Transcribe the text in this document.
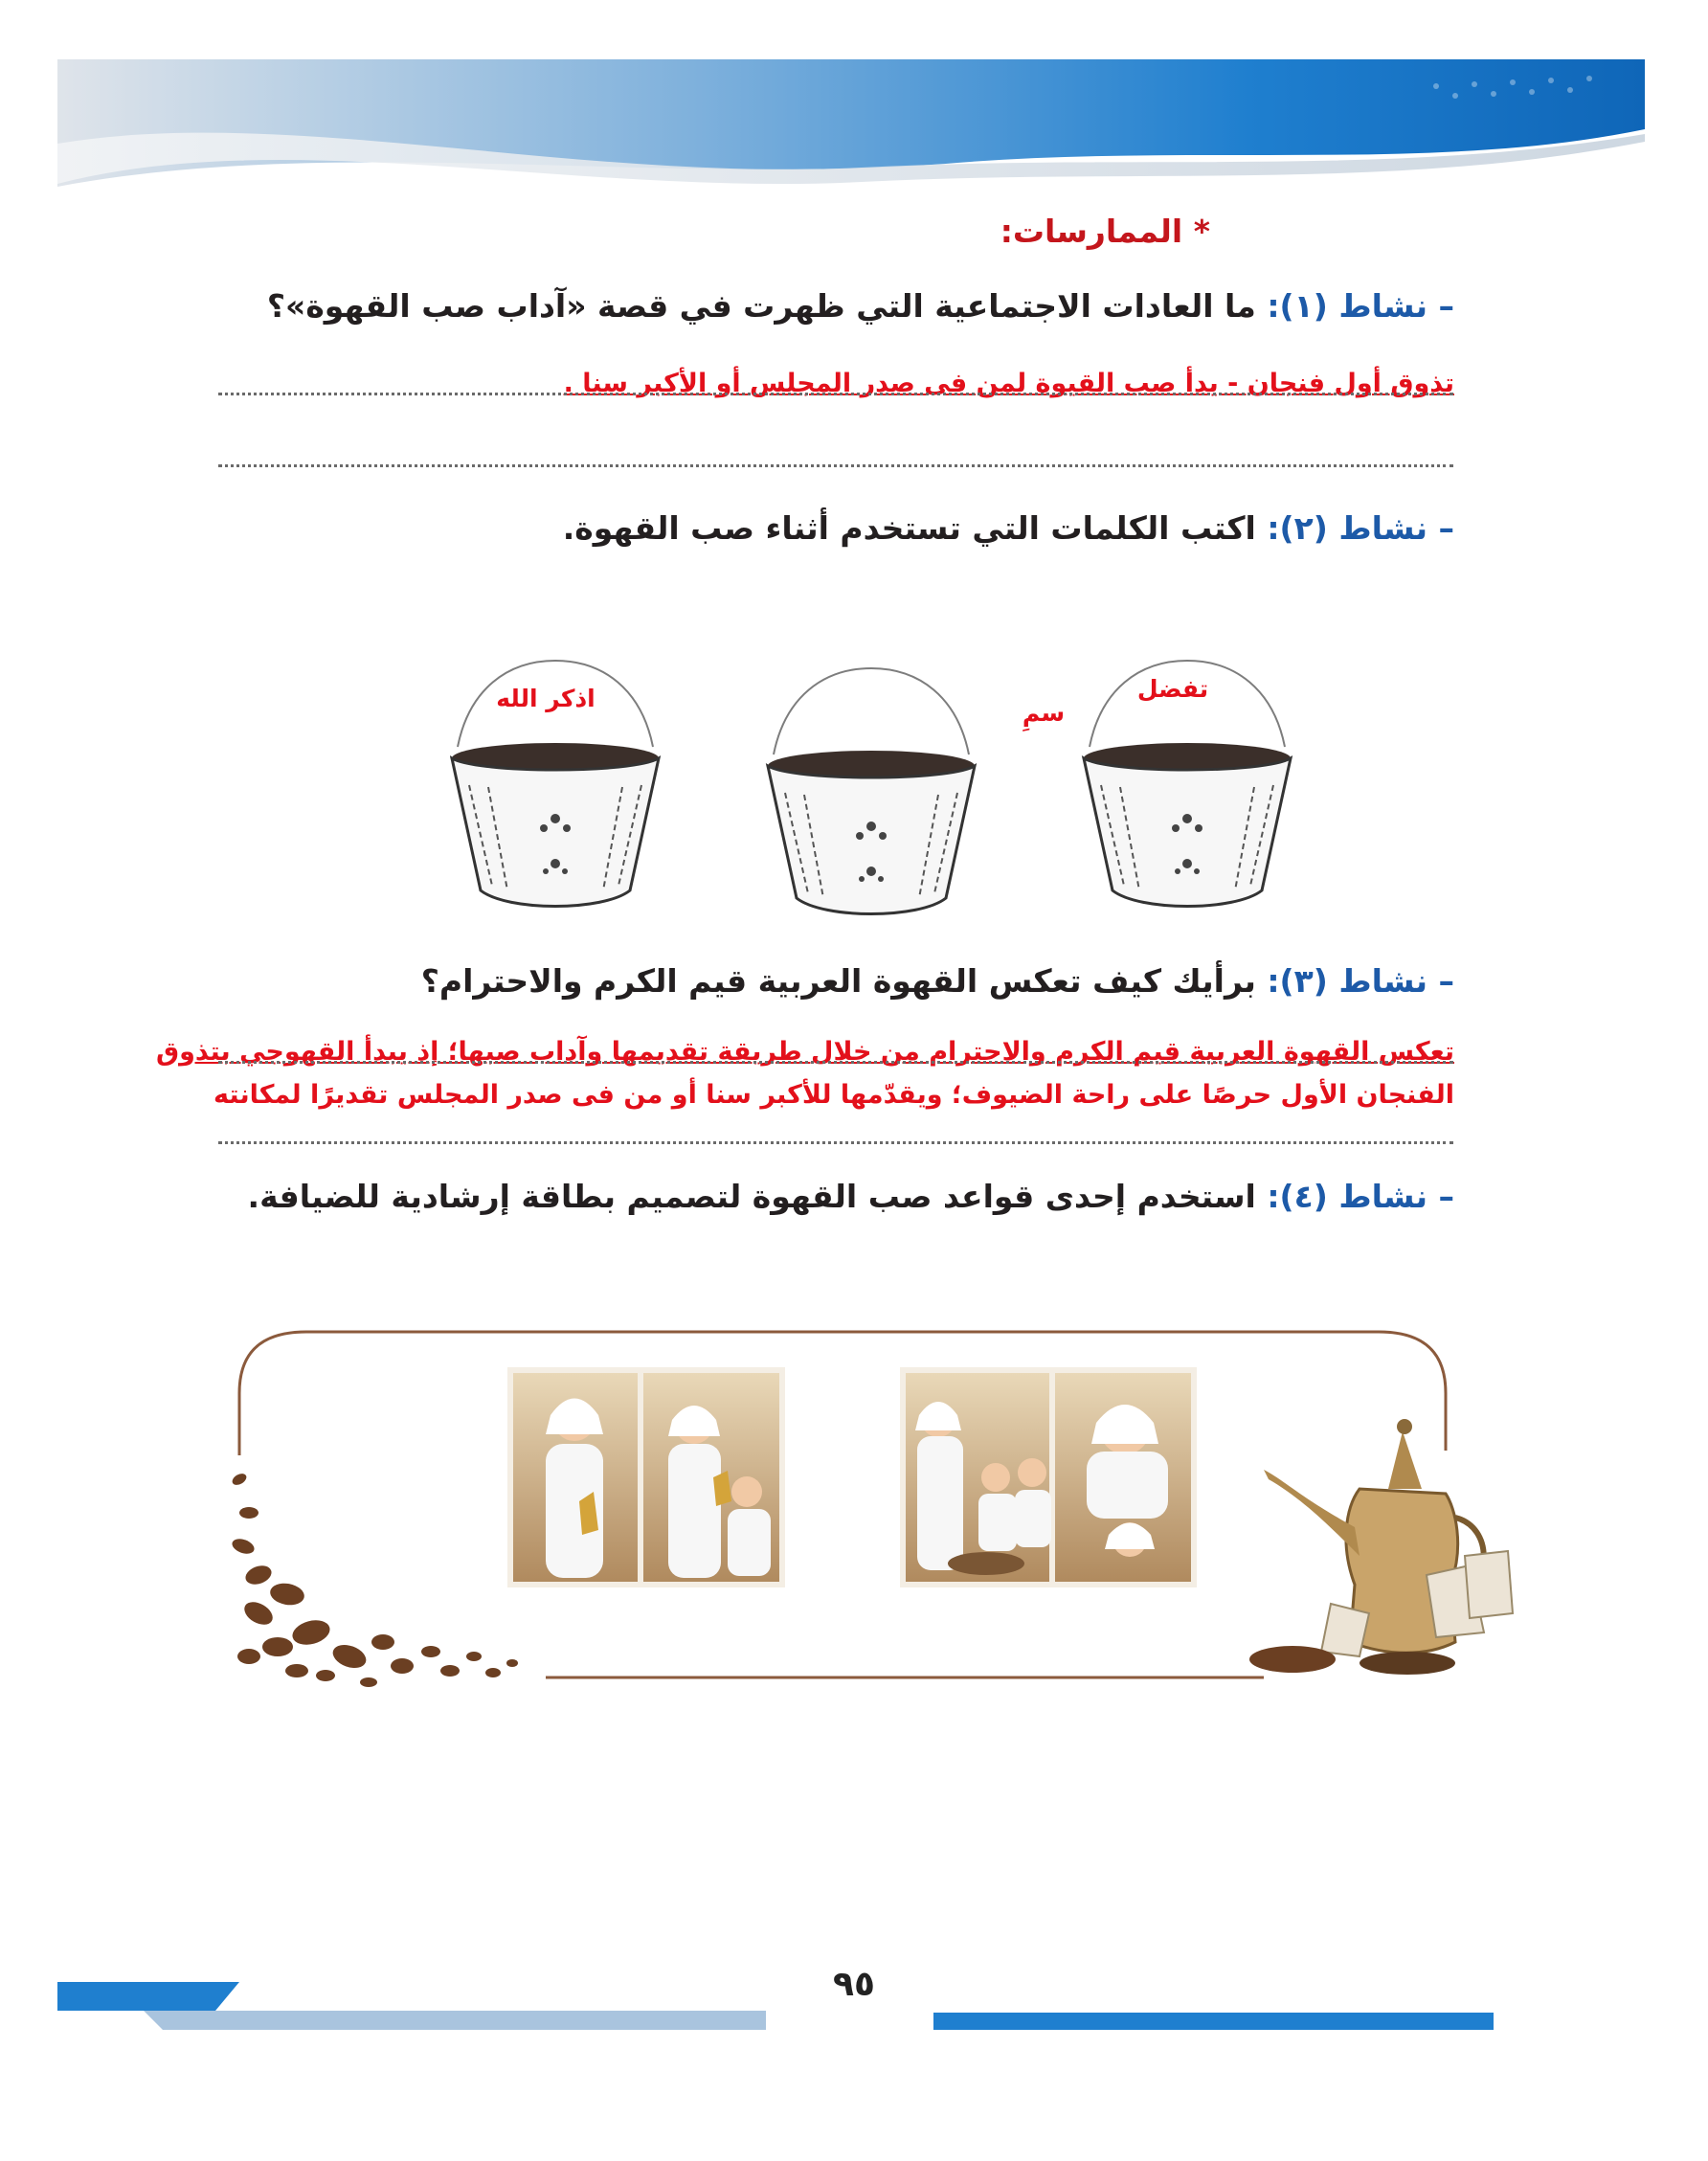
* الممارسات:
– نشاط (١): ما العادات الاجتماعية التي ظهرت في قصة «آداب صب القهوة»؟
تذوق أول فنجان - يدأ صب القيوة لمن فى صدر المجلس أو الأكبر سنا .
– نشاط (٢): اكتب الكلمات التي تستخدم أثناء صب القهوة.
سمِ
تفضل
اذكر الله
– نشاط (٣): برأيك كيف تعكس القهوة العربية قيم الكرم والاحترام؟
تعكس القهوة العربية قيم الكرم والاحترام من خلال طريقة تقديمها وآداب صبها؛ إذ يبدأ القهوجي بتذوق
الفنجان الأول حرصًا على راحة الضيوف؛ ويقدّمها للأكبر سنا أو من فى صدر المجلس تقديرًا لمكانته
– نشاط (٤): استخدم إحدى قواعد صب القهوة لتصميم بطاقة إرشادية للضيافة.
٩٥
